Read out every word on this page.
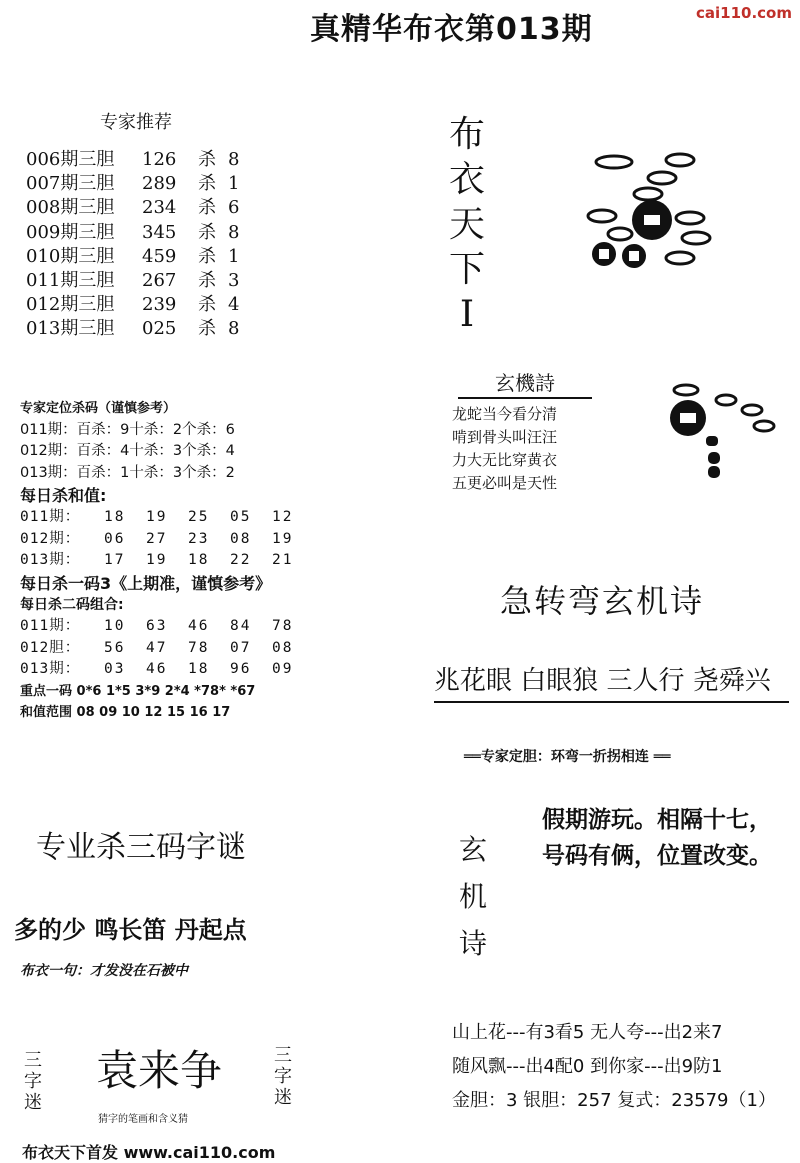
真精华布衣第013期	cai110.com
专家推荐
006期三胆 126 杀 8
007期三胆 289 杀 1
008期三胆 234 杀 6
009期三胆 345 杀 8
010期三胆 459 杀 1
011期三胆 267 杀 3
012期三胆 239 杀 4
013期三胆 025 杀 8
专家定位杀码（谨慎参考）
011期：百杀：9十杀：2个杀：6
012期：百杀：4十杀：3个杀：4
013期：百杀：1十杀：3个杀：2
每日杀和值:
011期： 18 19 25 05 12
012期： 06 27 23 08 19
013期： 17 19 18 22 21
每日杀一码3《上期准，谨慎参考》
每日杀二码组合:
011期： 10 63 46 84 78
012胆： 56 47 78 07 08
013期： 03 46 18 96 09
重点一码 0*6 1*5 3*9 2*4 *78* *67
和值范围 08 09 10 12 15 16 17
专业杀三码字谜
多的少 鸣长笛 丹起点
布衣一句：才发没在石被中
袁来争
猜字的笔画和含义猜
三
字
迷
三
字
迷
布衣天下首发 www.cai110.com
布
衣
天
下
I
玄機詩
龙蛇当今看分清
啃到骨头叫汪汪
力大无比穿黄衣
五更必叫是天性
急转弯玄机诗
兆花眼 白眼狼 三人行 尧舜兴
══专家定胆：环弯一折拐相连 ══
玄
机
诗
假期游玩。相隔十七，
号码有俩，位置改变。
山上花---有3看5 无人夸---出2来7
随风飘---出4配0 到你家---出9防1
金胆：3 银胆：257 复式：23579（1）
